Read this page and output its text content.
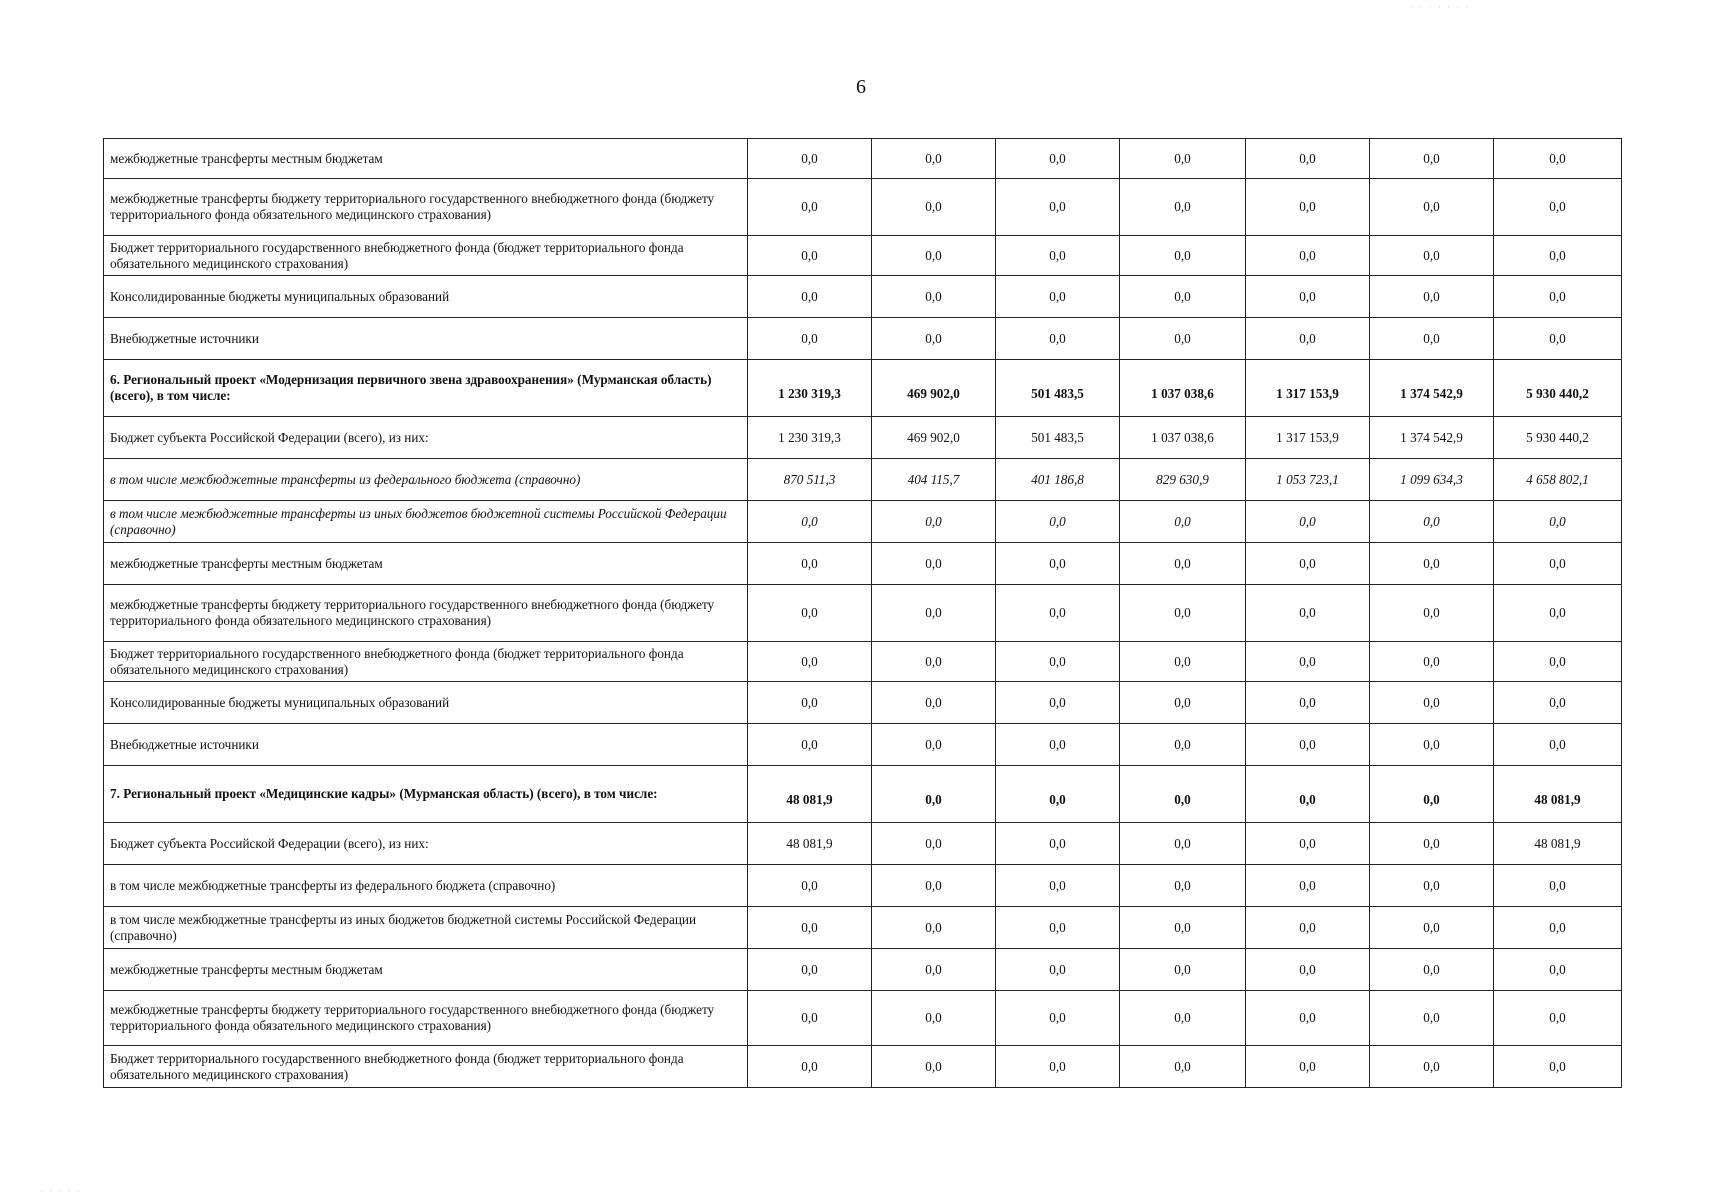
· · · · · · ·
· · · · ·
6
межбюджетные трансферты местным бюджетам	0,0	0,0	0,0	0,0	0,0	0,0	0,0
межбюджетные трансферты бюджету территориального государственного внебюджетного фонда (бюджету территориального фонда обязательного медицинского страхования)	0,0	0,0	0,0	0,0	0,0	0,0	0,0
Бюджет территориального государственного внебюджетного фонда (бюджет территориального фонда обязательного медицинского страхования)	0,0	0,0	0,0	0,0	0,0	0,0	0,0
Консолидированные бюджеты муниципальных образований	0,0	0,0	0,0	0,0	0,0	0,0	0,0
Внебюджетные источники	0,0	0,0	0,0	0,0	0,0	0,0	0,0
6. Региональный проект «Модернизация первичного звена здравоохранения» (Мурманская область) (всего), в том числе:	1 230 319,3	469 902,0	501 483,5	1 037 038,6	1 317 153,9	1 374 542,9	5 930 440,2
Бюджет субъекта Российской Федерации (всего), из них:	1 230 319,3	469 902,0	501 483,5	1 037 038,6	1 317 153,9	1 374 542,9	5 930 440,2
в том числе межбюджетные трансферты из федерального бюджета (справочно)	870 511,3	404 115,7	401 186,8	829 630,9	1 053 723,1	1 099 634,3	4 658 802,1
в том числе межбюджетные трансферты из иных бюджетов бюджетной системы Российской Федерации (справочно)	0,0	0,0	0,0	0,0	0,0	0,0	0,0
межбюджетные трансферты местным бюджетам	0,0	0,0	0,0	0,0	0,0	0,0	0,0
межбюджетные трансферты бюджету территориального государственного внебюджетного фонда (бюджету территориального фонда обязательного медицинского страхования)	0,0	0,0	0,0	0,0	0,0	0,0	0,0
Бюджет территориального государственного внебюджетного фонда (бюджет территориального фонда обязательного медицинского страхования)	0,0	0,0	0,0	0,0	0,0	0,0	0,0
Консолидированные бюджеты муниципальных образований	0,0	0,0	0,0	0,0	0,0	0,0	0,0
Внебюджетные источники	0,0	0,0	0,0	0,0	0,0	0,0	0,0
7. Региональный проект «Медицинские кадры» (Мурманская область) (всего), в том числе:	48 081,9	0,0	0,0	0,0	0,0	0,0	48 081,9
Бюджет субъекта Российской Федерации (всего), из них:	48 081,9	0,0	0,0	0,0	0,0	0,0	48 081,9
в том числе межбюджетные трансферты из федерального бюджета (справочно)	0,0	0,0	0,0	0,0	0,0	0,0	0,0
в том числе межбюджетные трансферты из иных бюджетов бюджетной системы Российской Федерации (справочно)	0,0	0,0	0,0	0,0	0,0	0,0	0,0
межбюджетные трансферты местным бюджетам	0,0	0,0	0,0	0,0	0,0	0,0	0,0
межбюджетные трансферты бюджету территориального государственного внебюджетного фонда (бюджету территориального фонда обязательного медицинского страхования)	0,0	0,0	0,0	0,0	0,0	0,0	0,0
Бюджет территориального государственного внебюджетного фонда (бюджет территориального фонда обязательного медицинского страхования)	0,0	0,0	0,0	0,0	0,0	0,0	0,0
